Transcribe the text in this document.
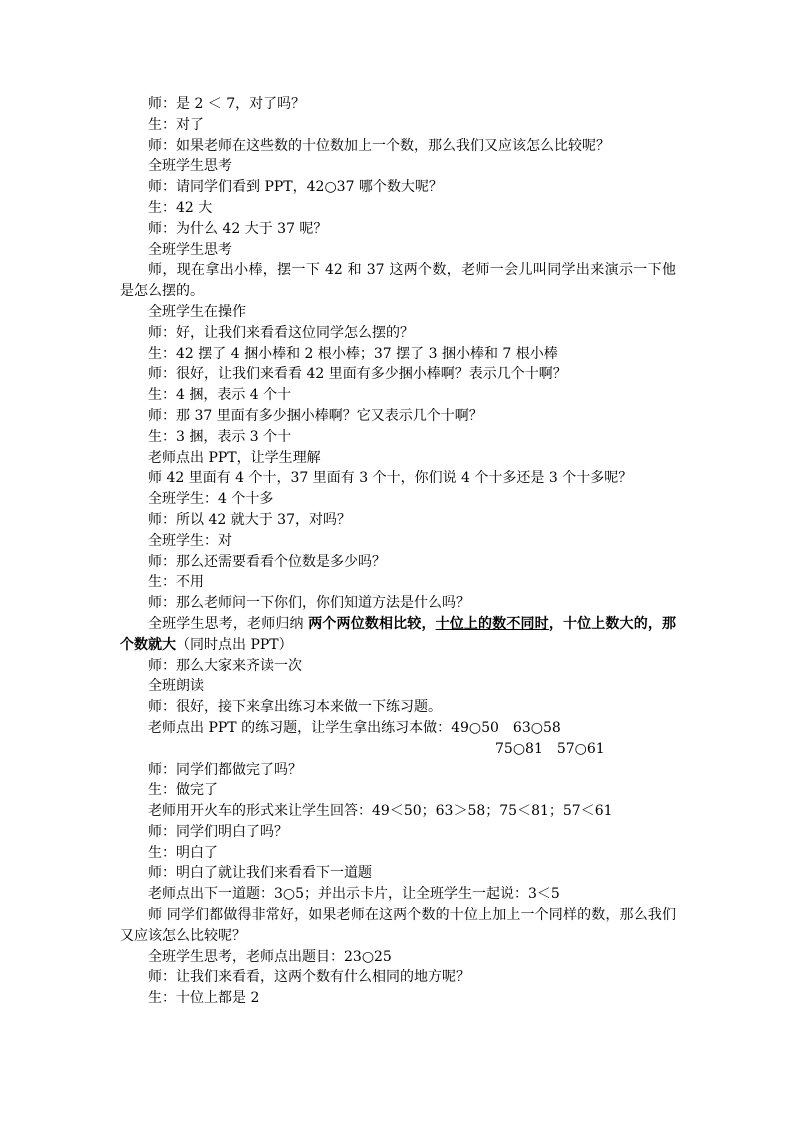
师：是 2 ＜ 7，对了吗？
生：对了
师：如果老师在这些数的十位数加上一个数，那么我们又应该怎么比较呢？
全班学生思考
师：请同学们看到 PPT，42○37 哪个数大呢？
生：42 大
师：为什么 42 大于 37 呢？
全班学生思考
师，现在拿出小棒，摆一下 42 和 37 这两个数，老师一会儿叫同学出来演示一下他是怎么摆的。
全班学生在操作
师：好，让我们来看看这位同学怎么摆的？
生：42 摆了 4 捆小棒和 2 根小棒；37 摆了 3 捆小棒和 7 根小棒
师：很好，让我们来看看 42 里面有多少捆小棒啊？表示几个十啊？
生：4 捆，表示 4 个十
师：那 37 里面有多少捆小棒啊？它又表示几个十啊？
生：3 捆，表示 3 个十
老师点出 PPT，让学生理解
师 42 里面有 4 个十，37 里面有 3 个十，你们说 4 个十多还是 3 个十多呢？
全班学生：4 个十多
师：所以 42 就大于 37，对吗？
全班学生：对
师：那么还需要看看个位数是多少吗？
生：不用
师：那么老师问一下你们，你们知道方法是什么吗？
全班学生思考，老师归纳 两个两位数相比较，十位上的数不同时，十位上数大的，那个数就大（同时点出 PPT）
师：那么大家来齐读一次
全班朗读
师：很好，接下来拿出练习本来做一下练习题。
老师点出 PPT 的练习题，让学生拿出练习本做：49○50　63○58
75○81　57○61
师：同学们都做完了吗？
生：做完了
老师用开火车的形式来让学生回答：49＜50；63＞58；75＜81；57＜61
师：同学们明白了吗？
生：明白了
师：明白了就让我们来看看下一道题
老师点出下一道题：3○5；并出示卡片，让全班学生一起说：3＜5
师 同学们都做得非常好，如果老师在这两个数的十位上加上一个同样的数，那么我们又应该怎么比较呢？
全班学生思考，老师点出题目：23○25
师：让我们来看看，这两个数有什么相同的地方呢？
生：十位上都是 2
